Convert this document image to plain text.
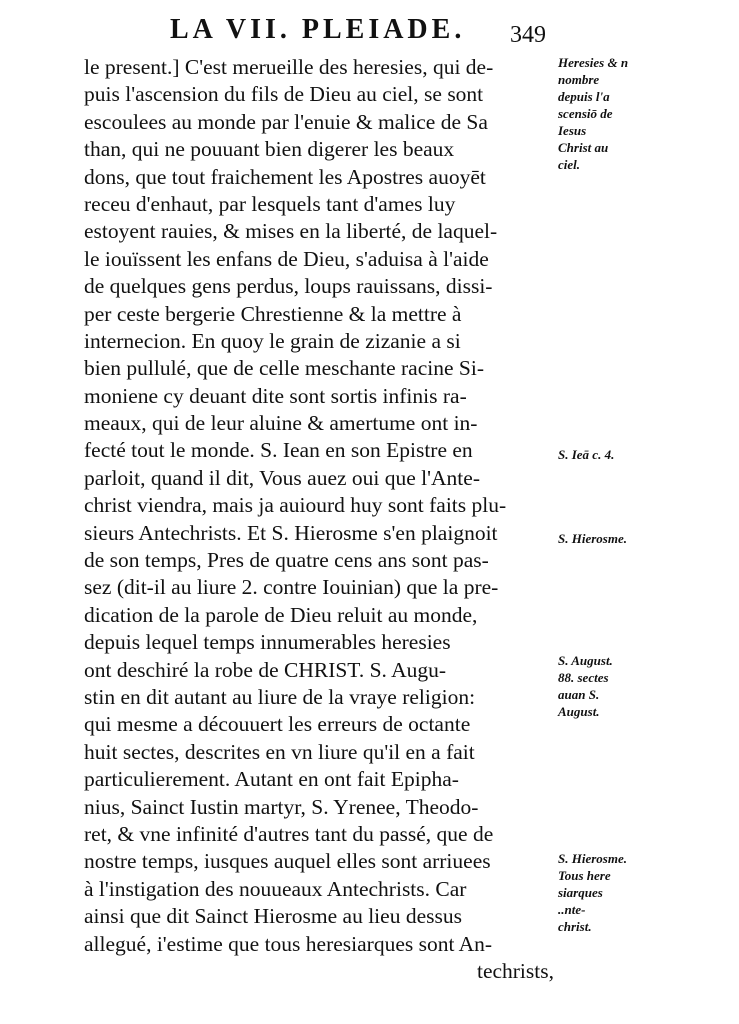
LA VII. PLEIADE. 349
le present.] C'est merueille des heresies, qui de-
puis l'ascension du fils de Dieu au ciel, se sont
escoulees au monde par l'enuie & malice de Sa
than, qui ne pouuant bien digerer les beaux
dons, que tout fraichement les Apostres auoyēt
receu d'enhaut, par lesquels tant d'ames luy
estoyent rauies, & mises en la liberté, de laquel-
le iouïssent les enfans de Dieu, s'aduisa à l'aide
de quelques gens perdus, loups rauissans, dissi-
per ceste bergerie Chrestienne & la mettre à
internecion. En quoy le grain de zizanie a si
bien pullulé, que de celle meschante racine Si-
moniene cy deuant dite sont sortis infinis ra-
meaux, qui de leur aluine & amertume ont in-
fecté tout le monde. S. Iean en son Epistre en
parloit, quand il dit, Vous auez oui que l'Ante-
christ viendra, mais ja auiourd huy sont faits plu-
sieurs Antechrists. Et S. Hierosme s'en plaignoit
de son temps, Pres de quatre cens ans sont pas-
sez (dit-il au liure 2. contre Iouinian) que la pre-
dication de la parole de Dieu reluit au monde,
depuis lequel temps innumerables heresies
ont deschiré la robe de CHRIST. S. Augu-
stin en dit autant au liure de la vraye religion:
qui mesme a découuert les erreurs de octante
huit sectes, descrites en vn liure qu'il en a fait
particulierement. Autant en ont fait Epipha-
nius, Sainct Iustin martyr, S. Yrenee, Theodo-
ret, & vne infinité d'autres tant du passé, que de
nostre temps, iusques auquel elles sont arriuees
à l'instigation des nouueaux Antechrists. Car
ainsi que dit Sainct Hierosme au lieu dessus
allegué, i'estime que tous heresiarques sont An-
techrists,
Heresies & n
nombre
depuis l'a
scensiō de
Iesus
Christ au
ciel.
S. Ieā c. 4.
S. Hierosme.
S. August.
88. sectes
auan S.
August.
S. Hierosme.
Tous here
siarques
..nte-
christ.
